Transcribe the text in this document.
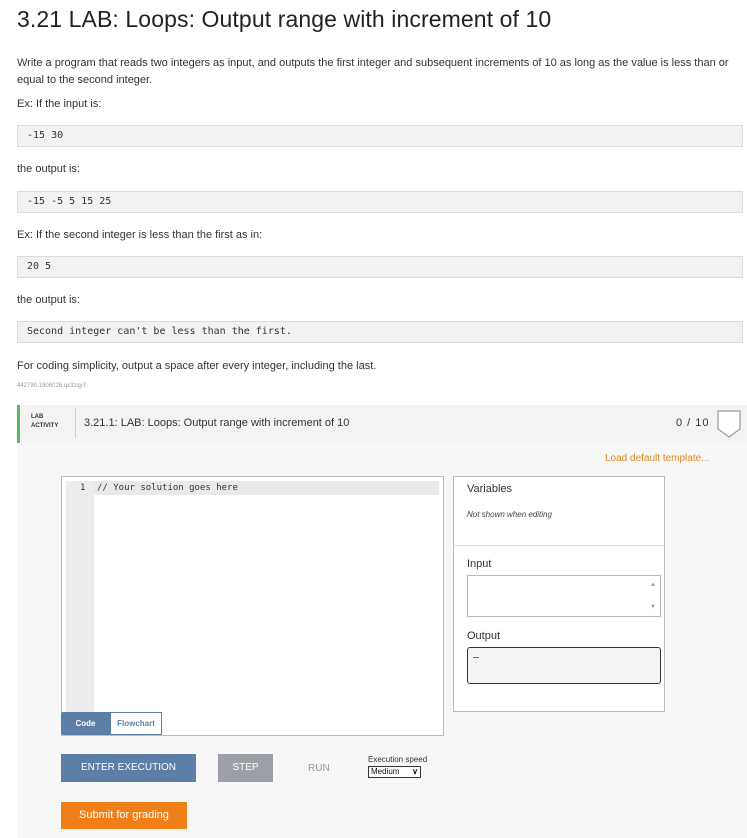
3.21 LAB: Loops: Output range with increment of 10

Write a program that reads two integers as input, and outputs the first integer and subsequent increments of 10 as long as the value is less than or equal to the second integer.

Ex: If the input is:

-15 30

the output is:

-15 -5 5 15 25

Ex: If the second integer is less than the first as in:

20 5

the output is:

Second integer can't be less than the first.

For coding simplicity, output a space after every integer, including the last.

442790.1906026.qx3zqy7
LAB
ACTIVITY 3.21.1: LAB: Loops: Output range with increment of 10	0 / 10
Load default template...
1 // Your solution goes here	Variables
Not shown when editing
Input
▲
▼
Output
Code	Flowchart
ENTER EXECUTION	STEP	RUN
Execution speed
Medium ∨
Submit for grading
